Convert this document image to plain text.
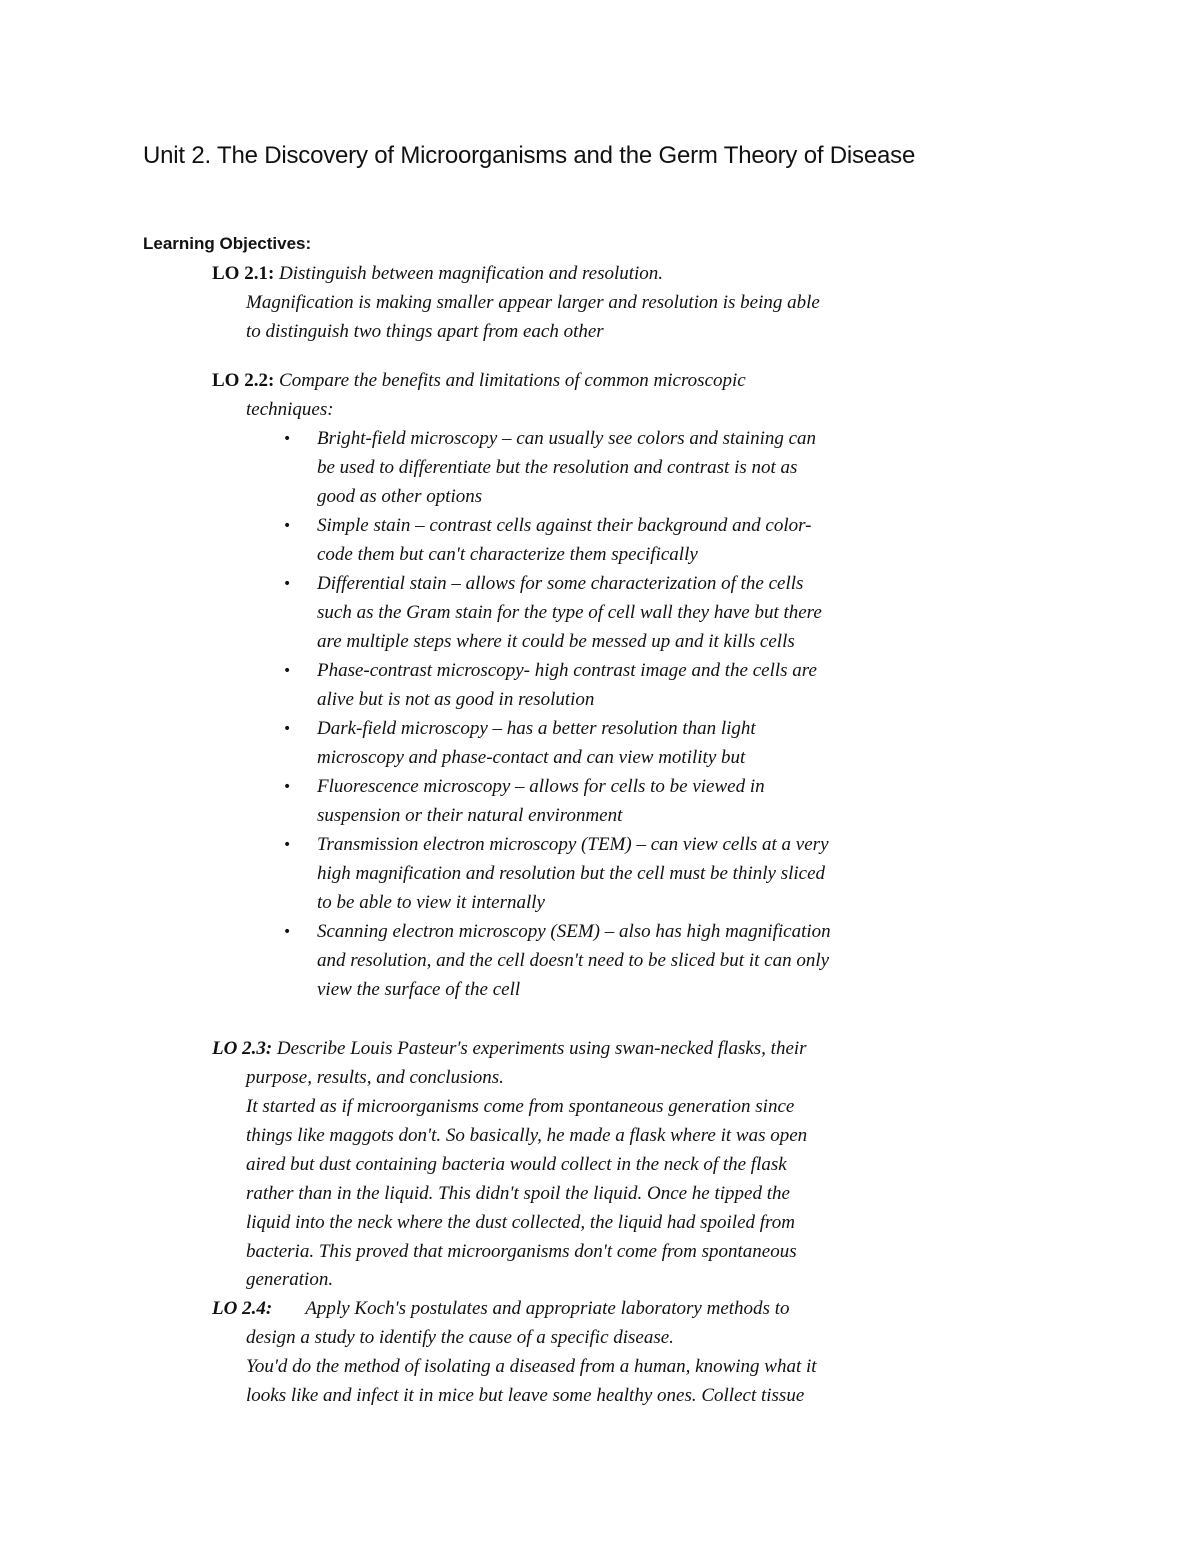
Unit 2. The Discovery of Microorganisms and the Germ Theory of Disease
Learning Objectives:
LO 2.1: Distinguish between magnification and resolution.
Magnification is making smaller appear larger and resolution is being able
to distinguish two things apart from each other
LO 2.2: Compare the benefits and limitations of common microscopic
techniques:
• Bright-field microscopy – can usually see colors and staining can
be used to differentiate but the resolution and contrast is not as
good as other options
• Simple stain – contrast cells against their background and color-
code them but can't characterize them specifically
• Differential stain – allows for some characterization of the cells
such as the Gram stain for the type of cell wall they have but there
are multiple steps where it could be messed up and it kills cells
• Phase-contrast microscopy- high contrast image and the cells are
alive but is not as good in resolution
• Dark-field microscopy – has a better resolution than light
microscopy and phase-contact and can view motility but
• Fluorescence microscopy – allows for cells to be viewed in
suspension or their natural environment
• Transmission electron microscopy (TEM) – can view cells at a very
high magnification and resolution but the cell must be thinly sliced
to be able to view it internally
• Scanning electron microscopy (SEM) – also has high magnification
and resolution, and the cell doesn't need to be sliced but it can only
view the surface of the cell
LO 2.3: Describe Louis Pasteur's experiments using swan-necked flasks, their
purpose, results, and conclusions.
It started as if microorganisms come from spontaneous generation since
things like maggots don't. So basically, he made a flask where it was open
aired but dust containing bacteria would collect in the neck of the flask
rather than in the liquid. This didn't spoil the liquid. Once he tipped the
liquid into the neck where the dust collected, the liquid had spoiled from
bacteria. This proved that microorganisms don't come from spontaneous
generation.
LO 2.4: Apply Koch's postulates and appropriate laboratory methods to
design a study to identify the cause of a specific disease.
You'd do the method of isolating a diseased from a human, knowing what it
looks like and infect it in mice but leave some healthy ones. Collect tissue
